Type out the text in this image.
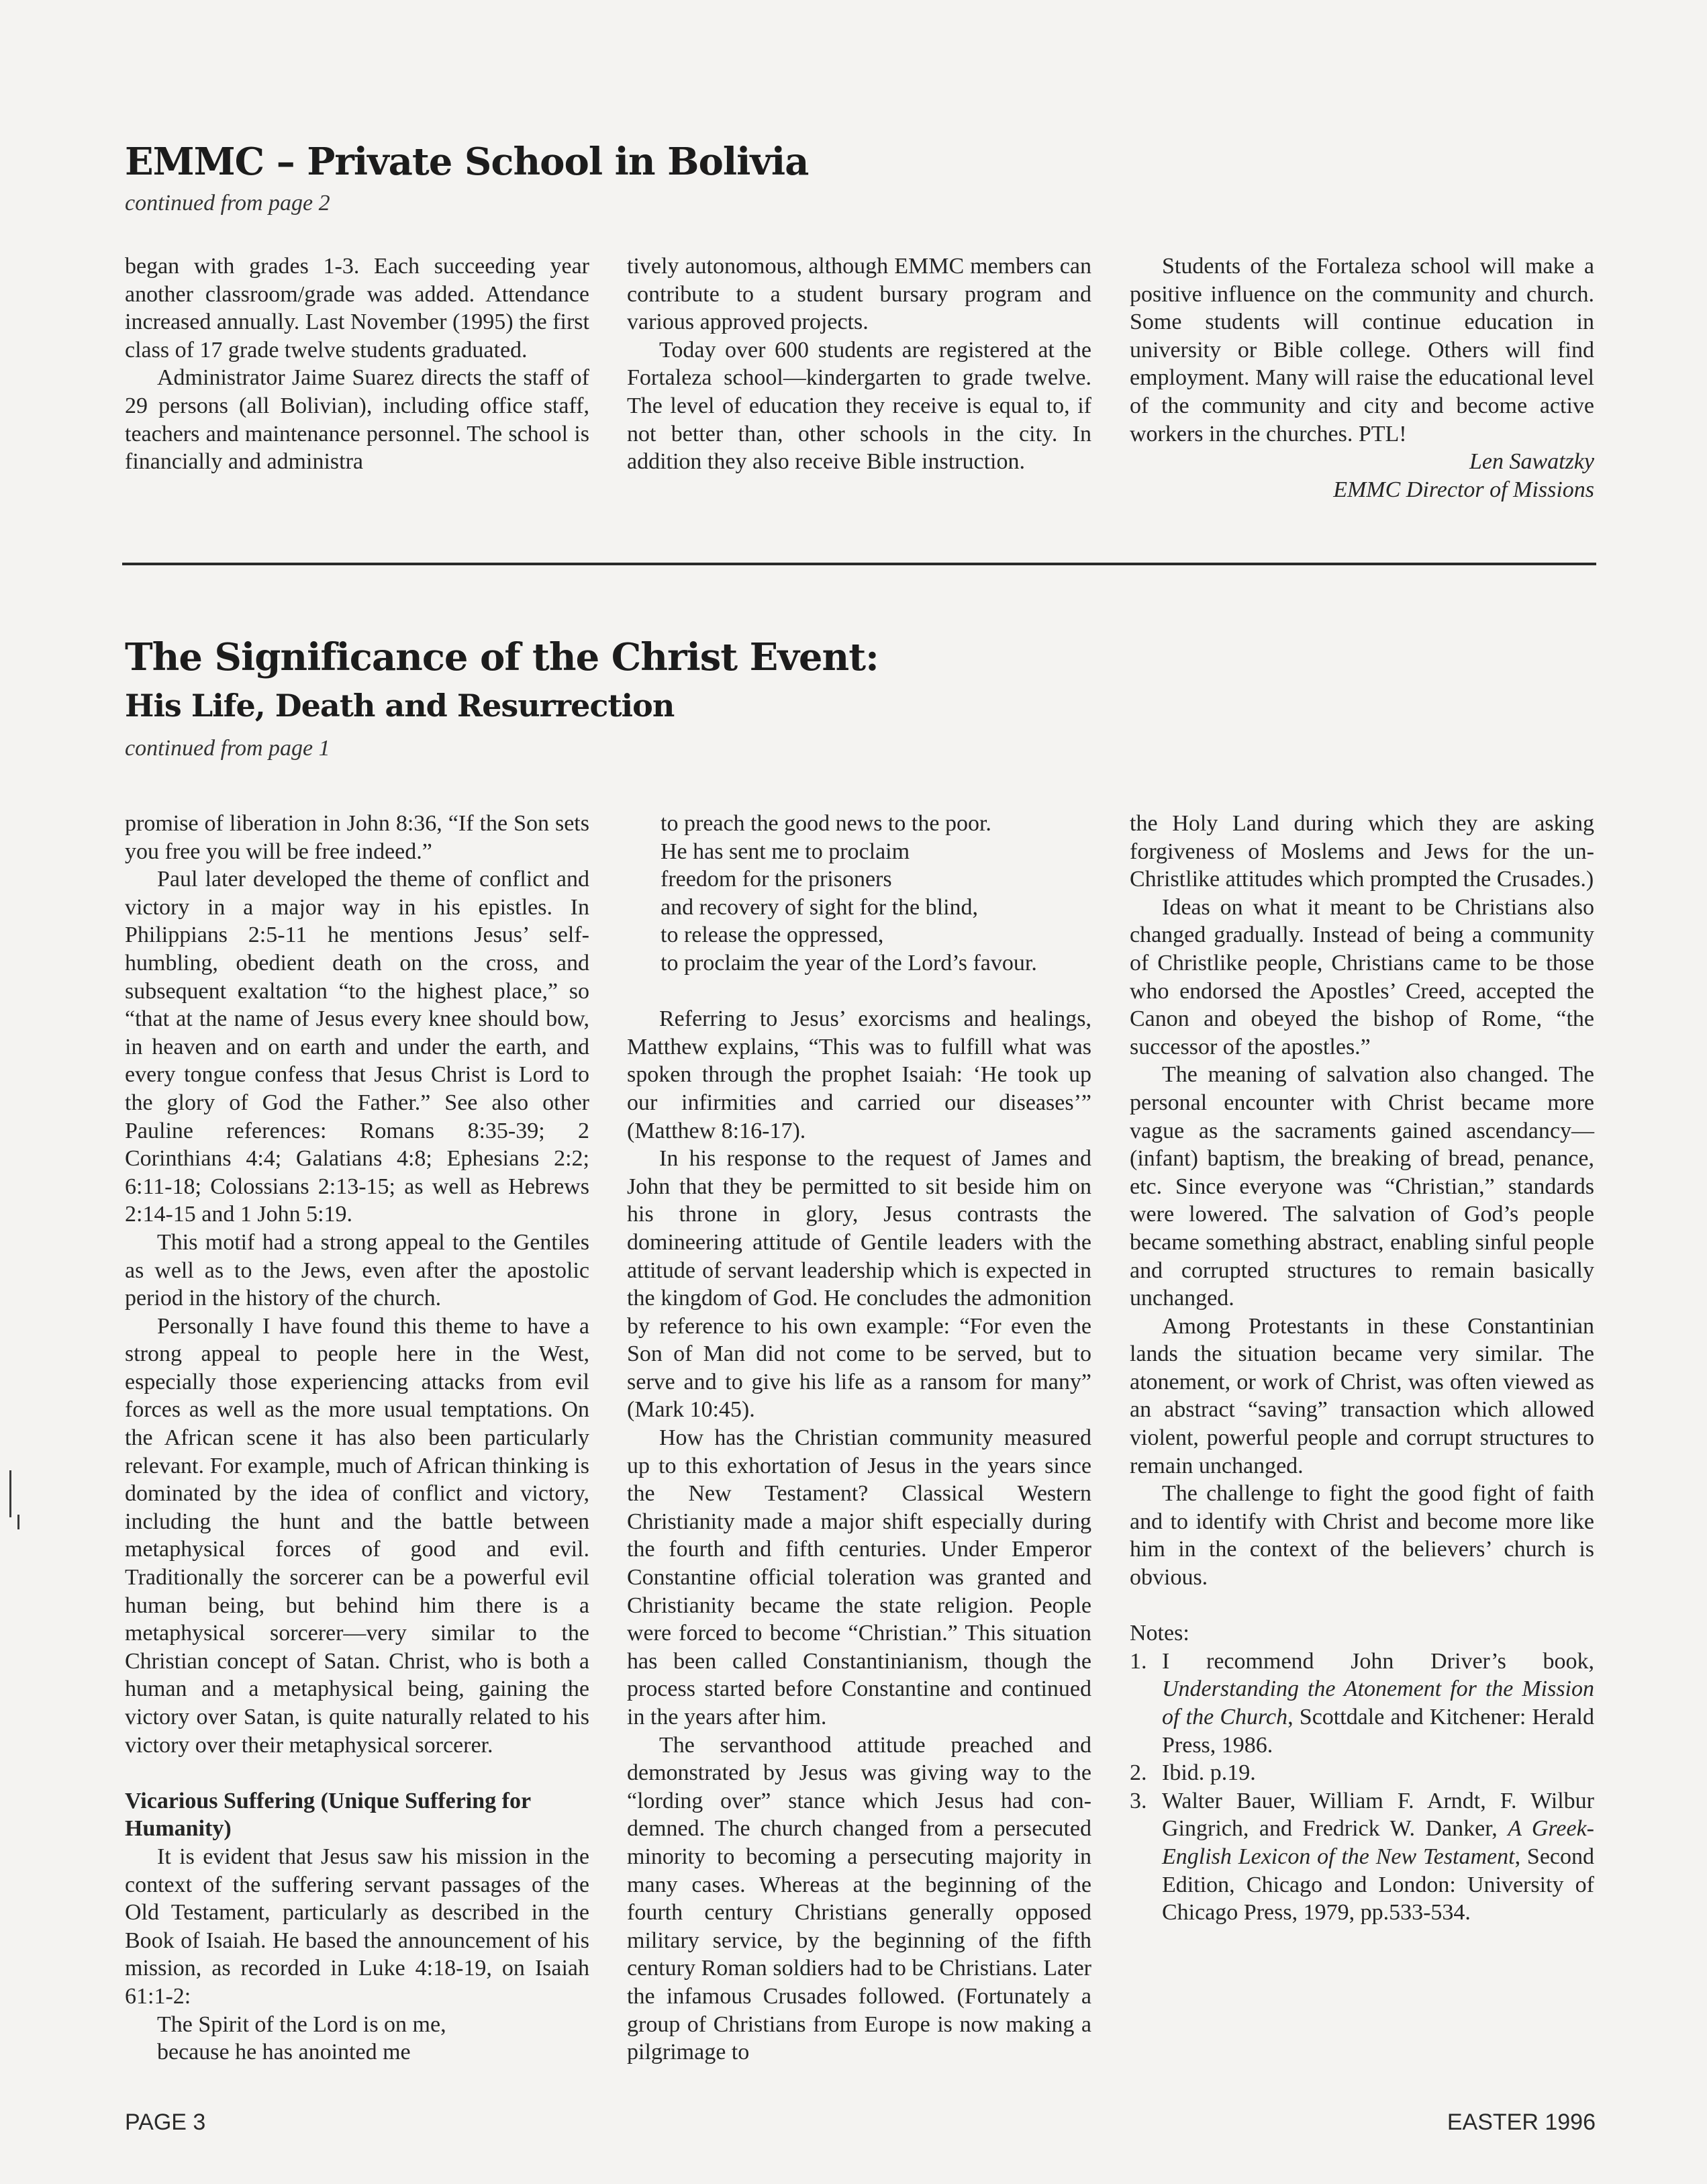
EMMC – Private School in Bolivia
continued from page 2

began with grades 1-3. Each succeeding year another classroom/grade was added. Attendance increased annually. Last November (1995) the first class of 17 grade twelve students graduated.

Administrator Jaime Suarez directs the staff of 29 persons (all Bolivian), including office staff, teachers and maintenance personnel. The school is financially and administra

tively autonomous, although EMMC members can contribute to a student bursary program and various approved projects.

Today over 600 students are registered at the Fortaleza school—kindergarten to grade twelve. The level of education they receive is equal to, if not better than, other schools in the city. In addition they also receive Bible instruction.

Students of the Fortaleza school will make a positive influence on the community and church. Some students will continue education in university or Bible college. Others will find employment. Many will raise the educational level of the community and city and become active workers in the churches. PTL!

Len Sawatzky
EMMC Director of Missions
The Significance of the Christ Event:
His Life, Death and Resurrection
continued from page 1

promise of liberation in John 8:36, “If the Son sets you free you will be free indeed.”

Paul later developed the theme of conflict and victory in a major way in his epistles. In Philippians 2:5-11 he mentions Jesus’ self-humbling, obedient death on the cross, and subsequent exaltation “to the highest place,” so “that at the name of Jesus every knee should bow, in heaven and on earth and under the earth, and every tongue confess that Jesus Christ is Lord to the glory of God the Father.” See also other Pauline references: Romans 8:35-39; 2 Corinthians 4:4; Galatians 4:8; Ephesians 2:2; 6:11-18; Colossians 2:13-15; as well as Hebrews 2:14-15 and 1 John 5:19.

This motif had a strong appeal to the Gentiles as well as to the Jews, even after the apostolic period in the history of the church.

Personally I have found this theme to have a strong appeal to people here in the West, especially those experiencing attacks from evil forces as well as the more usual temptations. On the African scene it has also been particularly relevant. For example, much of African thinking is dominated by the idea of conflict and victory, including the hunt and the battle between metaphysical forces of good and evil. Traditionally the sorcerer can be a powerful evil human being, but behind him there is a metaphysical sorcerer—very similar to the Christian concept of Satan. Christ, who is both a human and a metaphysical being, gaining the victory over Satan, is quite naturally related to his victory over their metaphysical sorcerer.

Vicarious Suffering (Unique Suffering for Humanity)

It is evident that Jesus saw his mission in the context of the suffering servant passages of the Old Testament, particularly as described in the Book of Isaiah. He based the announcement of his mission, as recorded in Luke 4:18-19, on Isaiah 61:1-2:

The Spirit of the Lord is on me,
because he has anointed me
to preach the good news to the poor.
He has sent me to proclaim
freedom for the prisoners
and recovery of sight for the blind,
to release the oppressed,
to proclaim the year of the Lord’s favour.

Referring to Jesus’ exorcisms and healings, Matthew explains, “This was to fulfill what was spoken through the prophet Isaiah: ‘He took up our infirmities and carried our diseases’” (Matthew 8:16-17).

In his response to the request of James and John that they be permitted to sit beside him on his throne in glory, Jesus contrasts the domineering attitude of Gentile leaders with the attitude of servant leadership which is expected in the kingdom of God. He concludes the admonition by reference to his own example: “For even the Son of Man did not come to be served, but to serve and to give his life as a ransom for many” (Mark 10:45).

How has the Christian community measured up to this exhortation of Jesus in the years since the New Testament? Classical Western Christianity made a major shift especially during the fourth and fifth centuries. Under Emperor Constantine official toleration was granted and Christianity became the state religion. People were forced to become “Christian.” This situation has been called Constantinianism, though the process started before Constantine and continued in the years after him.

The servanthood attitude preached and demonstrated by Jesus was giving way to the “lording over” stance which Jesus had condemned. The church changed from a persecuted minority to becoming a persecuting majority in many cases. Whereas at the beginning of the fourth century Christians generally opposed military service, by the beginning of the fifth century Roman soldiers had to be Christians. Later the infamous Crusades followed. (Fortunately a group of Christians from Europe is now making a pilgrimage to

the Holy Land during which they are asking forgiveness of Moslems and Jews for the un-Christlike attitudes which prompted the Crusades.)

Ideas on what it meant to be Christians also changed gradually. Instead of being a community of Christlike people, Christians came to be those who endorsed the Apostles’ Creed, accepted the Canon and obeyed the bishop of Rome, “the successor of the apostles.”

The meaning of salvation also changed. The personal encounter with Christ became more vague as the sacraments gained ascendancy—(infant) baptism, the breaking of bread, penance, etc. Since everyone was “Christian,” standards were lowered. The salvation of God’s people became something abstract, enabling sinful people and corrupted structures to remain basically unchanged.

Among Protestants in these Constantinian lands the situation became very similar. The atonement, or work of Christ, was often viewed as an abstract “saving” transaction which allowed violent, powerful people and corrupt structures to remain unchanged.

The challenge to fight the good fight of faith and to identify with Christ and become more like him in the context of the believers’ church is obvious.

Notes:
1. I recommend John Driver’s book, Understanding the Atonement for the Mission of the Church, Scottdale and Kitchener: Herald Press, 1986.
2. Ibid. p.19.
3. Walter Bauer, William F. Arndt, F. Wilbur Gingrich, and Fredrick W. Danker, A Greek-English Lexicon of the New Testament, Second Edition, Chicago and London: University of Chicago Press, 1979, pp.533-534.
PAGE 3	EASTER 1996
